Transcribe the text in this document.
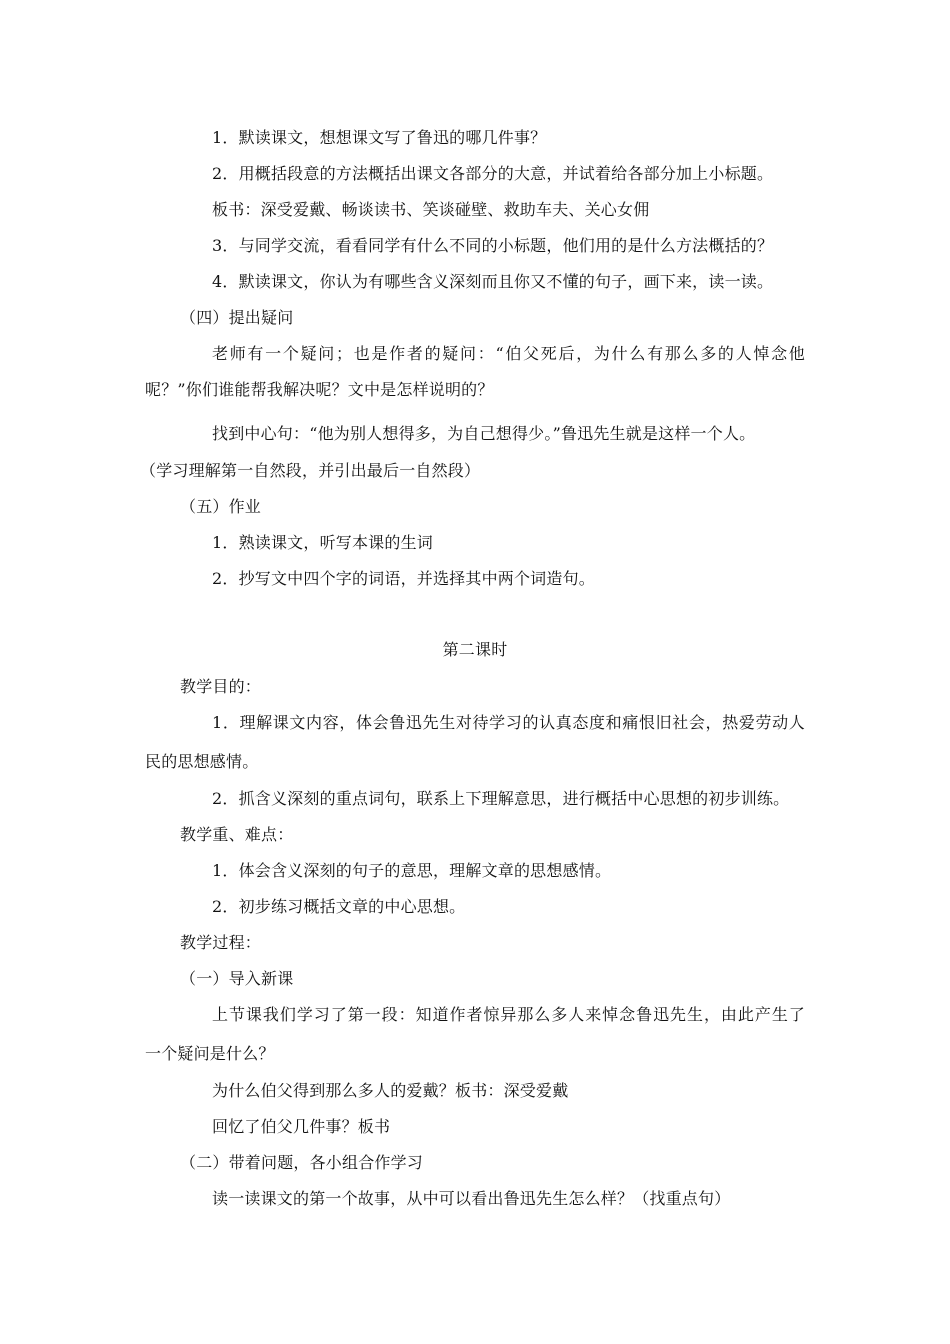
1．默读课文，想想课文写了鲁迅的哪几件事？
2．用概括段意的方法概括出课文各部分的大意，并试着给各部分加上小标题。
板书：深受爱戴、畅谈读书、笑谈碰壁、救助车夫、关心女佣
3．与同学交流，看看同学有什么不同的小标题，他们用的是什么方法概括的？
4．默读课文，你认为有哪些含义深刻而且你又不懂的句子，画下来，读一读。
（四）提出疑问
老师有一个疑问；也是作者的疑问：“伯父死后，为什么有那么多的人悼念他
呢？”你们谁能帮我解决呢？文中是怎样说明的？
找到中心句：“他为别人想得多，为自己想得少。”鲁迅先生就是这样一个人。
（学习理解第一自然段，并引出最后一自然段）
（五）作业
1．熟读课文，听写本课的生词
2．抄写文中四个字的词语，并选择其中两个词造句。
第二课时
教学目的：
1．理解课文内容，体会鲁迅先生对待学习的认真态度和痛恨旧社会，热爱劳动人
民的思想感情。
2．抓含义深刻的重点词句，联系上下理解意思，进行概括中心思想的初步训练。
教学重、难点：
1．体会含义深刻的句子的意思，理解文章的思想感情。
2．初步练习概括文章的中心思想。
教学过程：
（一）导入新课
上节课我们学习了第一段：知道作者惊异那么多人来悼念鲁迅先生，由此产生了
一个疑问是什么？
为什么伯父得到那么多人的爱戴？板书：深受爱戴
回忆了伯父几件事？板书
（二）带着问题，各小组合作学习
读一读课文的第一个故事，从中可以看出鲁迅先生怎么样？（找重点句）
